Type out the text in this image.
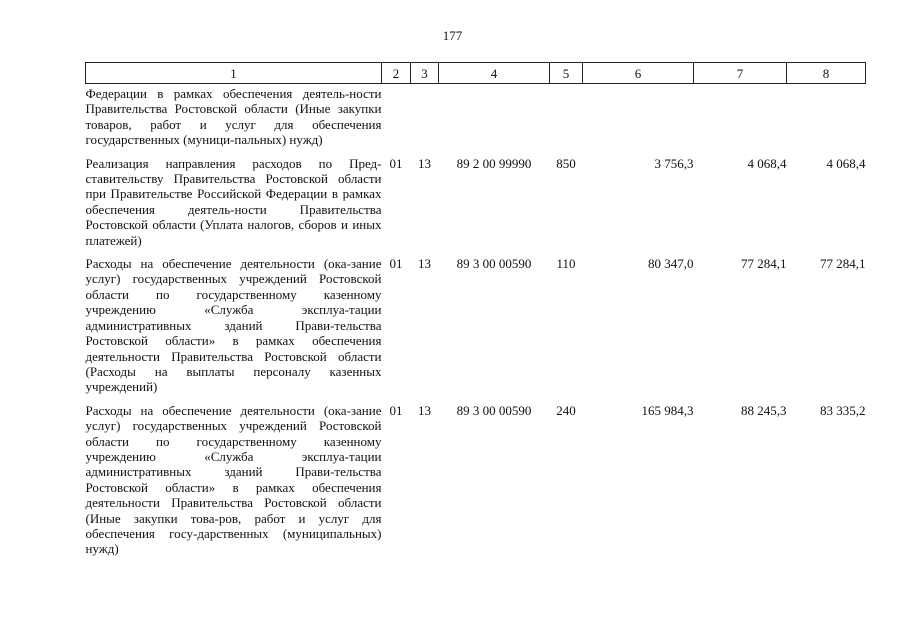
177
1	2	3	4	5	6	7	8
Федерации в рамках обеспечения деятель-ности Правительства Ростовской области (Иные закупки товаров, работ и услуг для обеспечения государственных (муници-пальных) нужд)							
Реализация направления расходов по Пред-ставительству Правительства Ростовской области при Правительстве Российской Федерации в рамках обеспечения деятель-ности Правительства Ростовской области (Уплата налогов, сборов и иных платежей)	01	13	89 2 00 99990	850	3 756,3	4 068,4	4 068,4
Расходы на обеспечение деятельности (ока-зание услуг) государственных учреждений Ростовской области по государственному казенному учреждению «Служба эксплуа-тации административных зданий Прави-тельства Ростовской области» в рамках обеспечения деятельности Правительства Ростовской области (Расходы на выплаты персоналу казенных учреждений)	01	13	89 3 00 00590	110	80 347,0	77 284,1	77 284,1
Расходы на обеспечение деятельности (ока-зание услуг) государственных учреждений Ростовской области по государственному казенному учреждению «Служба эксплуа-тации административных зданий Прави-тельства Ростовской области» в рамках обеспечения деятельности Правительства Ростовской области (Иные закупки това-ров, работ и услуг для обеспечения госу-дарственных (муниципальных) нужд)	01	13	89 3 00 00590	240	165 984,3	88 245,3	83 335,2
